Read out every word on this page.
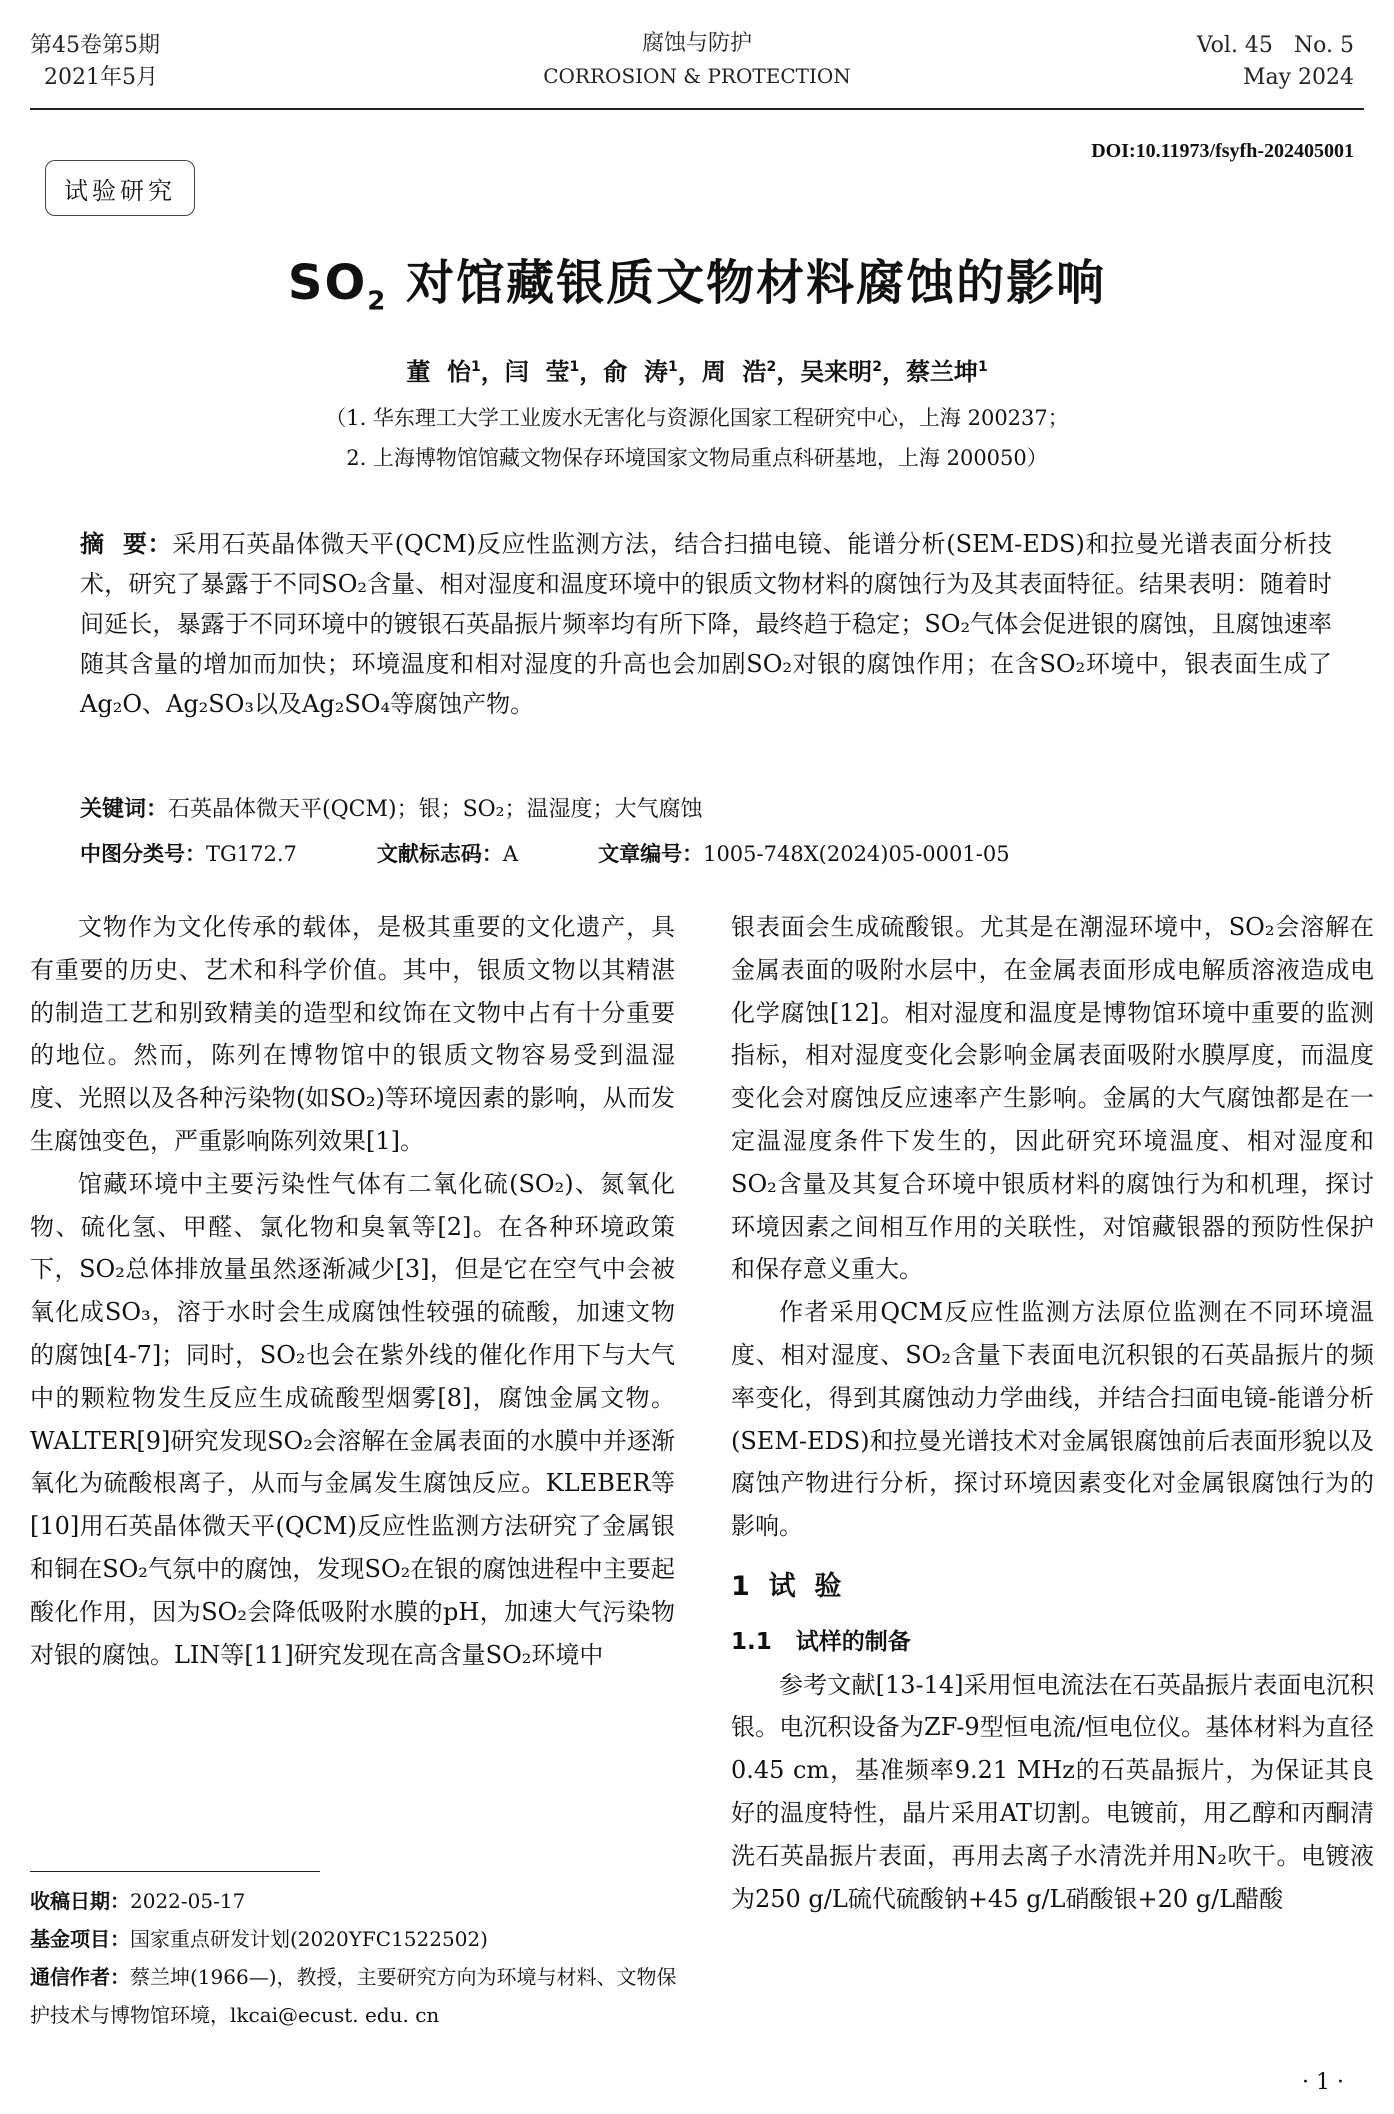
第45卷第5期
2021年5月
腐蚀与防护
CORROSION & PROTECTION
Vol. 45   No. 5
May 2024
DOI:10.11973/fsyfh-202405001
试验研究
$SO_2$ 对馆藏银质文物材料腐蚀的影响
董  怡$^1$，闫  莹$^1$，俞  涛$^1$，周  浩$^2$，吴来明$^2$，蔡兰坤$^1$
（1. 华东理工大学工业废水无害化与资源化国家工程研究中心，上海 200237；
2. 上海博物馆馆藏文物保存环境国家文物局重点科研基地，上海 200050）
摘  要：采用石英晶体微天平(QCM)反应性监测方法，结合扫描电镜、能谱分析(SEM-EDS)和拉曼光谱表面分析技术，研究了暴露于不同SO₂含量、相对湿度和温度环境中的银质文物材料的腐蚀行为及其表面特征。结果表明：随着时间延长，暴露于不同环境中的镀银石英晶振片频率均有所下降，最终趋于稳定；SO₂气体会促进银的腐蚀，且腐蚀速率随其含量的增加而加快；环境温度和相对湿度的升高也会加剧SO₂对银的腐蚀作用；在含SO₂环境中，银表面生成了Ag₂O、Ag₂SO₃以及Ag₂SO₄等腐蚀产物。
关键词：石英晶体微天平(QCM)；银；SO₂；温湿度；大气腐蚀
中图分类号：TG172.7	文献标志码：A	文章编号：1005-748X(2024)05-0001-05

文物作为文化传承的载体，是极其重要的文化遗产，具有重要的历史、艺术和科学价值。其中，银质文物以其精湛的制造工艺和别致精美的造型和纹饰在文物中占有十分重要的地位。然而，陈列在博物馆中的银质文物容易受到温湿度、光照以及各种污染物(如SO₂)等环境因素的影响，从而发生腐蚀变色，严重影响陈列效果[1]。

馆藏环境中主要污染性气体有二氧化硫(SO₂)、氮氧化物、硫化氢、甲醛、氯化物和臭氧等[2]。在各种环境政策下，SO₂总体排放量虽然逐渐减少[3]，但是它在空气中会被氧化成SO₃，溶于水时会生成腐蚀性较强的硫酸，加速文物的腐蚀[4-7]；同时，SO₂也会在紫外线的催化作用下与大气中的颗粒物发生反应生成硫酸型烟雾[8]，腐蚀金属文物。WALTER[9]研究发现SO₂会溶解在金属表面的水膜中并逐渐氧化为硫酸根离子，从而与金属发生腐蚀反应。KLEBER等[10]用石英晶体微天平(QCM)反应性监测方法研究了金属银和铜在SO₂气氛中的腐蚀，发现SO₂在银的腐蚀进程中主要起酸化作用，因为SO₂会降低吸附水膜的pH，加速大气污染物对银的腐蚀。LIN等[11]研究发现在高含量SO₂环境中

银表面会生成硫酸银。尤其是在潮湿环境中，SO₂会溶解在金属表面的吸附水层中，在金属表面形成电解质溶液造成电化学腐蚀[12]。相对湿度和温度是博物馆环境中重要的监测指标，相对湿度变化会影响金属表面吸附水膜厚度，而温度变化会对腐蚀反应速率产生影响。金属的大气腐蚀都是在一定温湿度条件下发生的，因此研究环境温度、相对湿度和SO₂含量及其复合环境中银质材料的腐蚀行为和机理，探讨环境因素之间相互作用的关联性，对馆藏银器的预防性保护和保存意义重大。

作者采用QCM反应性监测方法原位监测在不同环境温度、相对湿度、SO₂含量下表面电沉积银的石英晶振片的频率变化，得到其腐蚀动力学曲线，并结合扫面电镜-能谱分析(SEM-EDS)和拉曼光谱技术对金属银腐蚀前后表面形貌以及腐蚀产物进行分析，探讨环境因素变化对金属银腐蚀行为的影响。

1  试  验
1.1   试样的制备

参考文献[13-14]采用恒电流法在石英晶振片表面电沉积银。电沉积设备为ZF-9型恒电流/恒电位仪。基体材料为直径0.45 cm，基准频率9.21 MHz的石英晶振片，为保证其良好的温度特性，晶片采用AT切割。电镀前，用乙醇和丙酮清洗石英晶振片表面，再用去离子水清洗并用N₂吹干。电镀液为250 g/L硫代硫酸钠+45 g/L硝酸银+20 g/L醋酸

收稿日期：2022-05-17
基金项目：国家重点研发计划(2020YFC1522502)
通信作者：蔡兰坤(1966—)，教授，主要研究方向为环境与材料、文物保护技术与博物馆环境，lkcai@ecust. edu. cn
· 1 ·
